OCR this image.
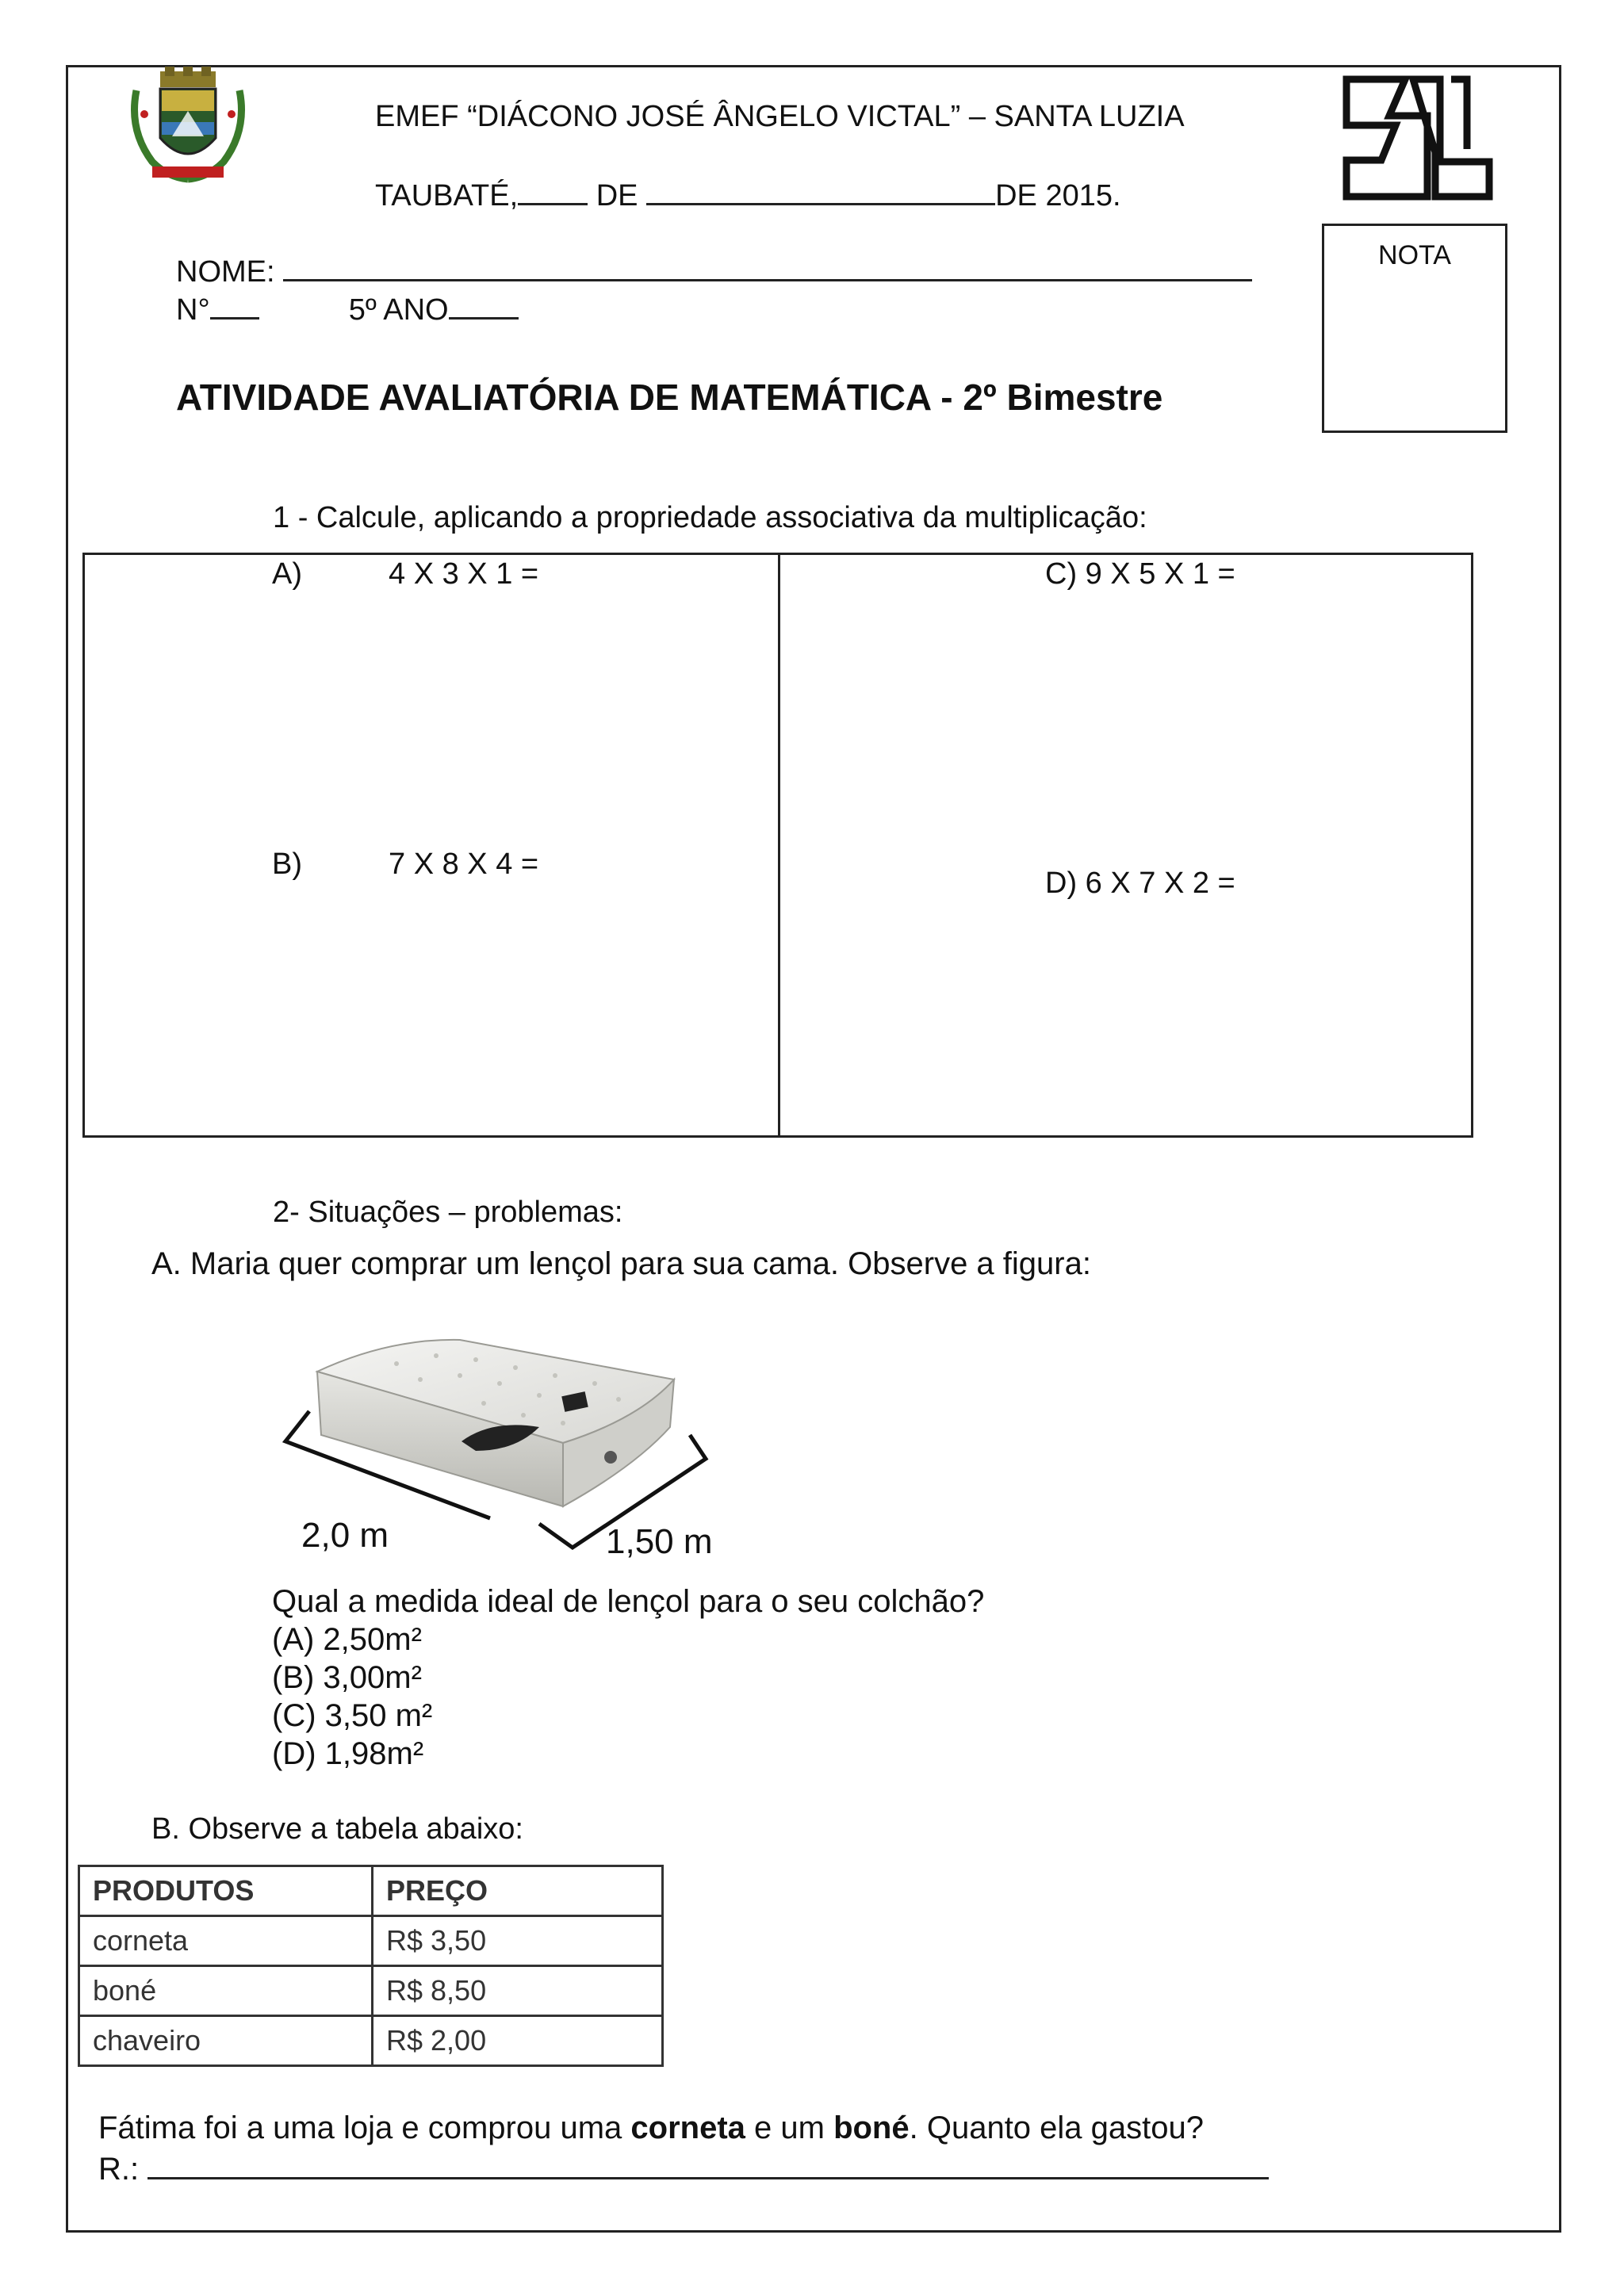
EMEF “DIÁCONO JOSÉ ÂNGELO VICTAL” – SANTA LUZIA
TAUBATÉ,	DE	DE 2015.
NOTA
NOME:
N°	5º ANO
ATIVIDADE AVALIATÓRIA DE MATEMÁTICA - 2º Bimestre
1 - Calcule, aplicando a propriedade associativa da multiplicação:
A)	4 X 3 X 1 =
B)	7 X 8 X 4 =
C) 9 X 5 X 1 =
D) 6 X 7 X 2 =
2- Situações – problemas:
A. Maria quer comprar um lençol para sua cama. Observe a figura:
2,0 m	1,50 m
Qual a medida ideal de lençol para o seu colchão?
(A) 2,50m²
(B) 3,00m²
(C) 3,50 m²
(D) 1,98m²
B. Observe a tabela abaixo:
PRODUTOS	PREÇO
corneta	R$ 3,50
boné	R$ 8,50
chaveiro	R$ 2,00
Fátima foi a uma loja e comprou uma corneta e um boné. Quanto ela gastou?
R.:
